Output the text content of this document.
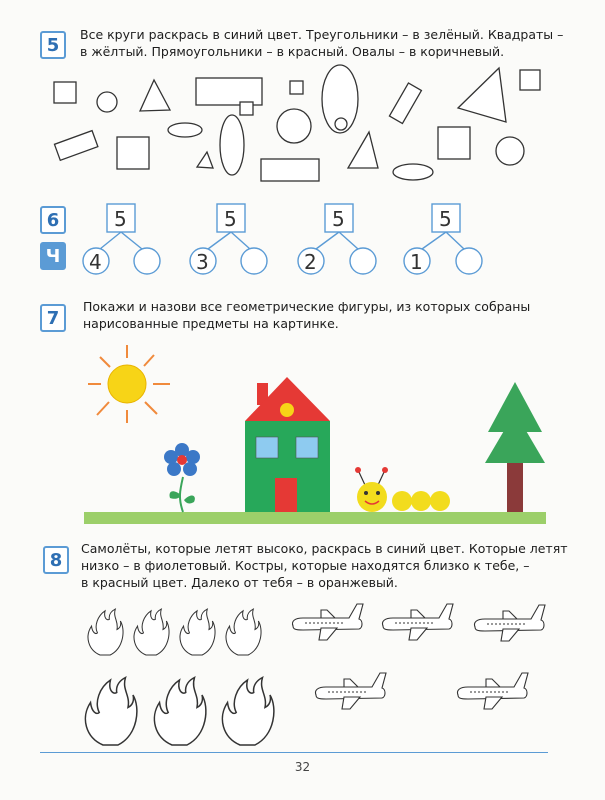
5	Все круги раскрась в синий цвет. Треугольники – в зелёный. Квадраты –
в жёлтый. Прямоугольники – в красный. Овалы – в коричневый.
6
Ч
5
4
5
3
5
2
5
1
7
Покажи и назови все геометрические фигуры, из которых собраны
нарисованные предметы на картинке.
8
Самолёты, которые летят высоко, раскрась в синий цвет. Которые летят
низко – в фиолетовый. Костры, которые находятся близко к тебе, –
в красный цвет. Далеко от тебя – в оранжевый.
32
